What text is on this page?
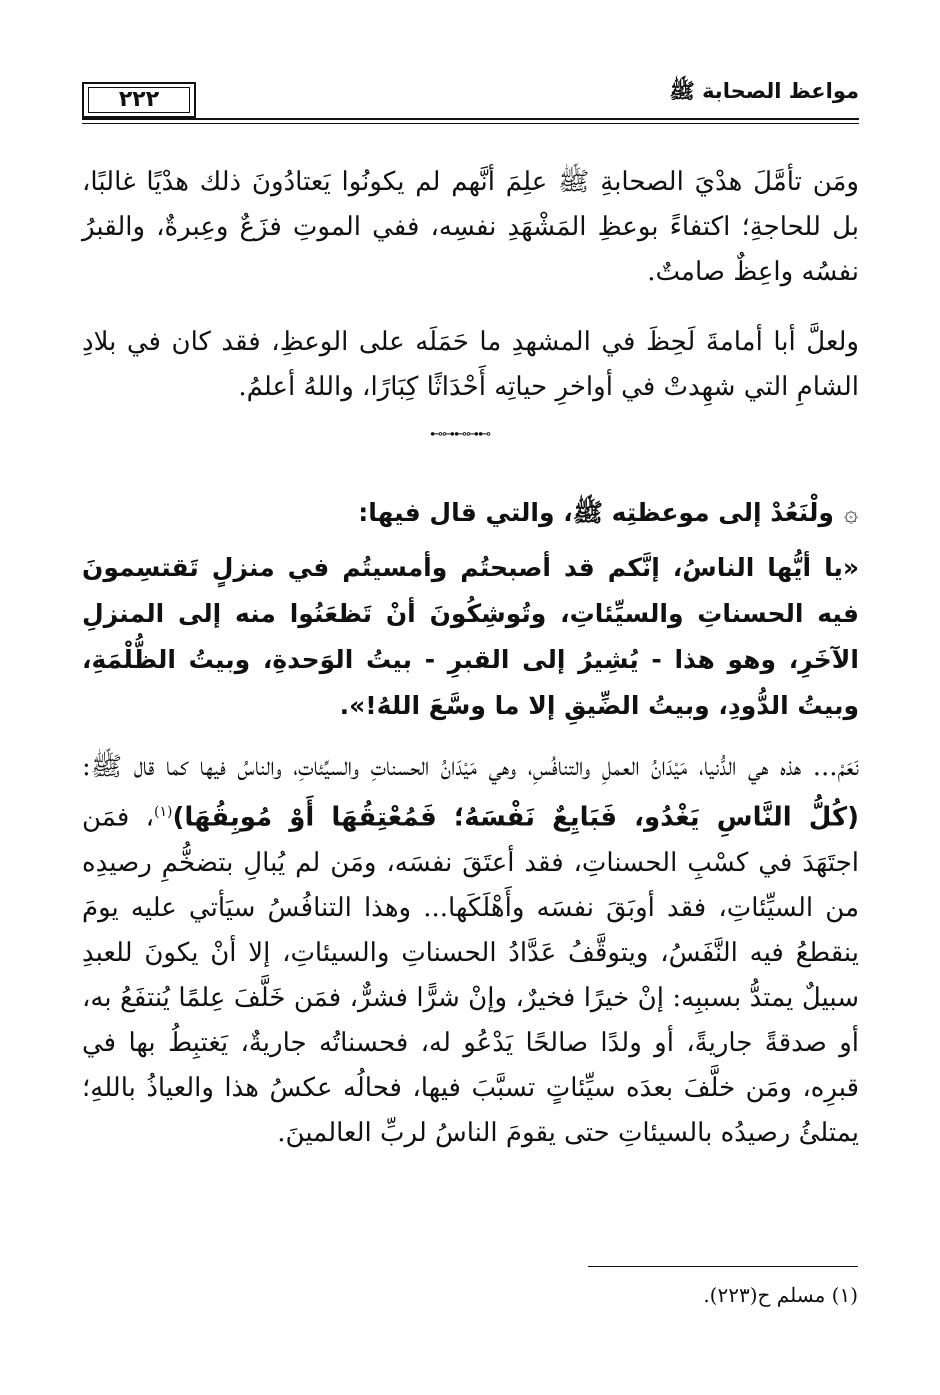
مواعظ الصحابة ﷺ
٢٢٢
ومَن تأمَّلَ هدْيَ الصحابةِ ﷺ علِمَ أنَّهم لم يكونُوا يَعتادُونَ ذلك هدْيًا غالبًا، بل للحاجةِ؛ اكتفاءً بوعظِ المَشْهَدِ نفسِه، ففي الموتِ فزَعٌ وعِبرةٌ، والقبرُ نفسُه واعِظٌ صامتٌ.
ولعلَّ أبا أمامةَ لَحِظَ في المشهدِ ما حَمَلَه على الوعظِ، فقد كان في بلادِ الشامِ التي شهِدتْ في أواخرِ حياتِه أَحْدَاثًا كِبَارًا، واللهُ أعلمُ.
⊷⊶⊷⊶⊷
۞ولْنَعُدْ إلى موعظتِه ﷺ، والتي قال فيها:
«يا أيُّها الناسُ، إنَّكم قد أصبحتُم وأمسيتُم في منزلٍ تَقتسِمونَ فيه الحسناتِ والسيِّئاتِ، وتُوشِكُونَ أنْ تَظعَنُوا منه إلى المنزلِ الآخَرِ، وهو هذا - يُشِيرُ إلى القبرِ - بيتُ الوَحدةِ، وبيتُ الظُّلْمَةِ، وبيتُ الدُّودِ، وبيتُ الضِّيقِ إلا ما وسَّعَ اللهُ!».
نَعَمْ... هذه هي الدُّنيا، مَيْدَانُ العملِ والتنافُسِ، وهي مَيْدَانُ الحسناتِ والسيِّئاتِ، والناسُ فيها كما قال ﷺ: (كُلُّ النَّاسِ يَغْدُو، فَبَايِعٌ نَفْسَهُ؛ فَمُعْتِقُهَا أَوْ مُوبِقُهَا)$^{(١)}$، فمَن اجتَهَدَ في كسْبِ الحسناتِ، فقد أعتَقَ نفسَه، ومَن لم يُبالِ بتضخُّمِ رصيدِه من السيِّئاتِ، فقد أوبَقَ نفسَه وأَهْلَكَها... وهذا التنافُسُ سيَأتي عليه يومَ ينقطعُ فيه النَّفَسُ، ويتوقَّفُ عَدَّادُ الحسناتِ والسيئاتِ، إلا أنْ يكونَ للعبدِ سبيلٌ يمتدُّ بسببِه: إنْ خيرًا فخيرٌ، وإنْ شرًّا فشرٌّ، فمَن خَلَّفَ عِلمًا يُنتفَعُ به، أو صدقةً جاريةً، أو ولدًا صالحًا يَدْعُو له، فحسناتُه جاريةٌ، يَغتبِطُ بها في قبرِه، ومَن خلَّفَ بعدَه سيِّئاتٍ تسبَّبَ فيها، فحالُه عكسُ هذا والعياذُ باللهِ؛ يمتلئُ رصيدُه بالسيئاتِ حتى يقومَ الناسُ لربِّ العالمينَ.
(١) مسلم ح(٢٢٣).
